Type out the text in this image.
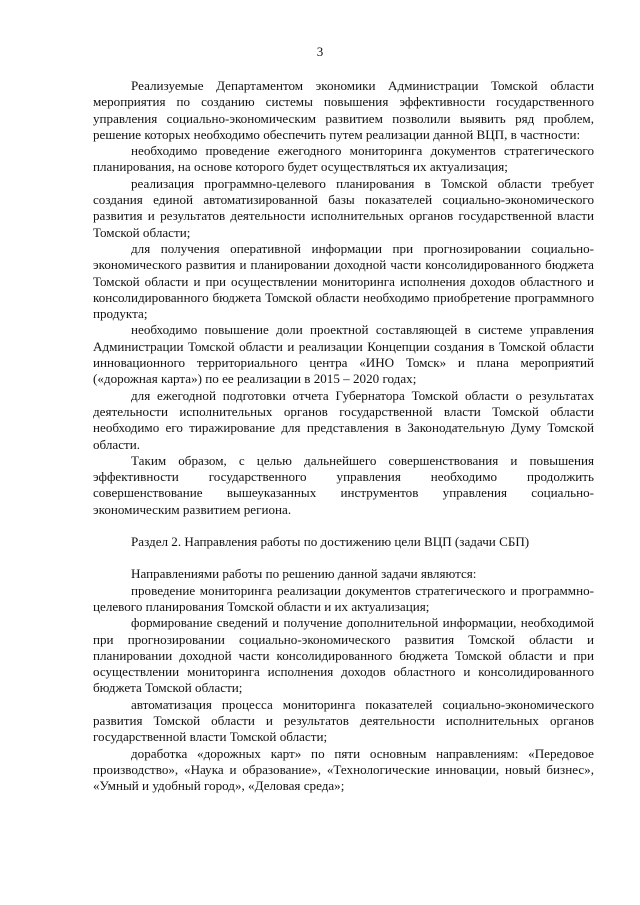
3

Реализуемые Департаментом экономики Администрации Томской области мероприятия по созданию системы повышения эффективности государственного управления социально-экономическим развитием позволили выявить ряд проблем, решение которых необходимо обеспечить путем реализации данной ВЦП, в частности:

необходимо проведение ежегодного мониторинга документов стратегического планирования, на основе которого будет осуществляться их актуализация;

реализация программно-целевого планирования в Томской области требует создания единой автоматизированной базы показателей социально-экономического развития и результатов деятельности исполнительных органов государственной власти Томской области;

для получения оперативной информации при прогнозировании социально-экономического развития и планировании доходной части консолидированного бюджета Томской области и при осуществлении мониторинга исполнения доходов областного и консолидированного бюджета Томской области необходимо приобретение программного продукта;

необходимо повышение доли проектной составляющей в системе управления Администрации Томской области и реализации Концепции создания в Томской области инновационного территориального центра «ИНО Томск» и плана мероприятий («дорожная карта») по ее реализации в 2015 – 2020 годах;

для ежегодной подготовки отчета Губернатора Томской области о результатах деятельности исполнительных органов государственной власти Томской области необходимо его тиражирование для представления в Законодательную Думу Томской области.

Таким образом, с целью дальнейшего совершенствования и повышения эффективности государственного управления необходимо продолжить совершенствование вышеуказанных инструментов управления социально-экономическим развитием региона.

Раздел 2. Направления работы по достижению цели ВЦП (задачи СБП)

Направлениями работы по решению данной задачи являются:

проведение мониторинга реализации документов стратегического и программно-целевого планирования Томской области и их актуализация;

формирование сведений и получение дополнительной информации, необходимой при прогнозировании социально-экономического развития Томской области и планировании доходной части консолидированного бюджета Томской области и при осуществлении мониторинга исполнения доходов областного и консолидированного бюджета Томской области;

автоматизация процесса мониторинга показателей социально-экономического развития Томской области и результатов деятельности исполнительных органов государственной власти Томской области;

доработка «дорожных карт» по пяти основным направлениям: «Передовое производство», «Наука и образование», «Технологические инновации, новый бизнес», «Умный и удобный город», «Деловая среда»;
